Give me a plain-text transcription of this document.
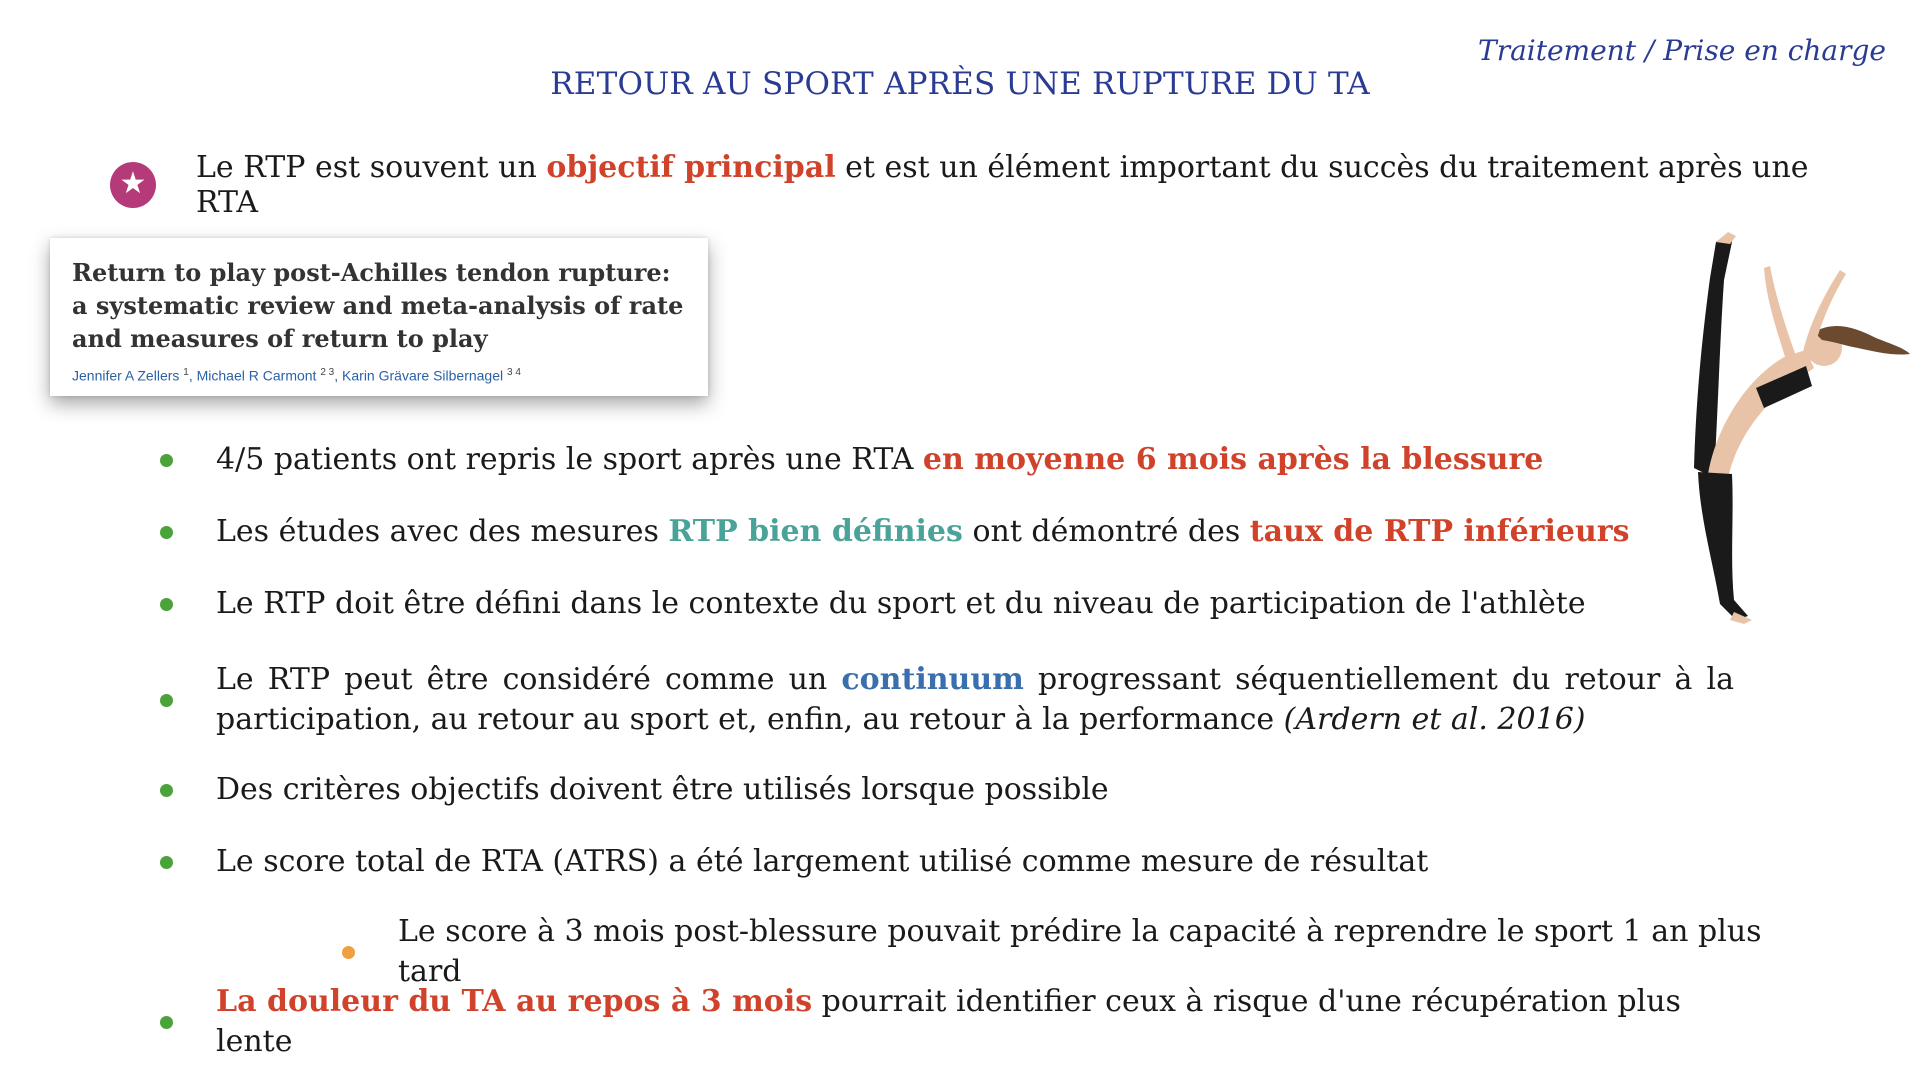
Traitement / Prise en charge
RETOUR AU SPORT APRÈS UNE RUPTURE DU TA
★ Le RTP est souvent un objectif principal et est un élément important du succès du traitement après une RTA
Return to play post-Achilles tendon rupture: a systematic review and meta-analysis of rate and measures of return to play
Jennifer A Zellers $^1$, Michael R Carmont $^{2 3}$, Karin Grävare Silbernagel $^{3 4}$
4/5 patients ont repris le sport après une RTA en moyenne 6 mois après la blessure
Les études avec des mesures RTP bien définies ont démontré des taux de RTP inférieurs
Le RTP doit être défini dans le contexte du sport et du niveau de participation de l'athlète
Le RTP peut être considéré comme un continuum progressant séquentiellement du retour à la participation, au retour au sport et, enfin, au retour à la performance (Ardern et al. 2016)
Des critères objectifs doivent être utilisés lorsque possible
Le score total de RTA (ATRS) a été largement utilisé comme mesure de résultat
Le score à 3 mois post-blessure pouvait prédire la capacité à reprendre le sport 1 an plus tard
La douleur du TA au repos à 3 mois pourrait identifier ceux à risque d'une récupération plus lente
